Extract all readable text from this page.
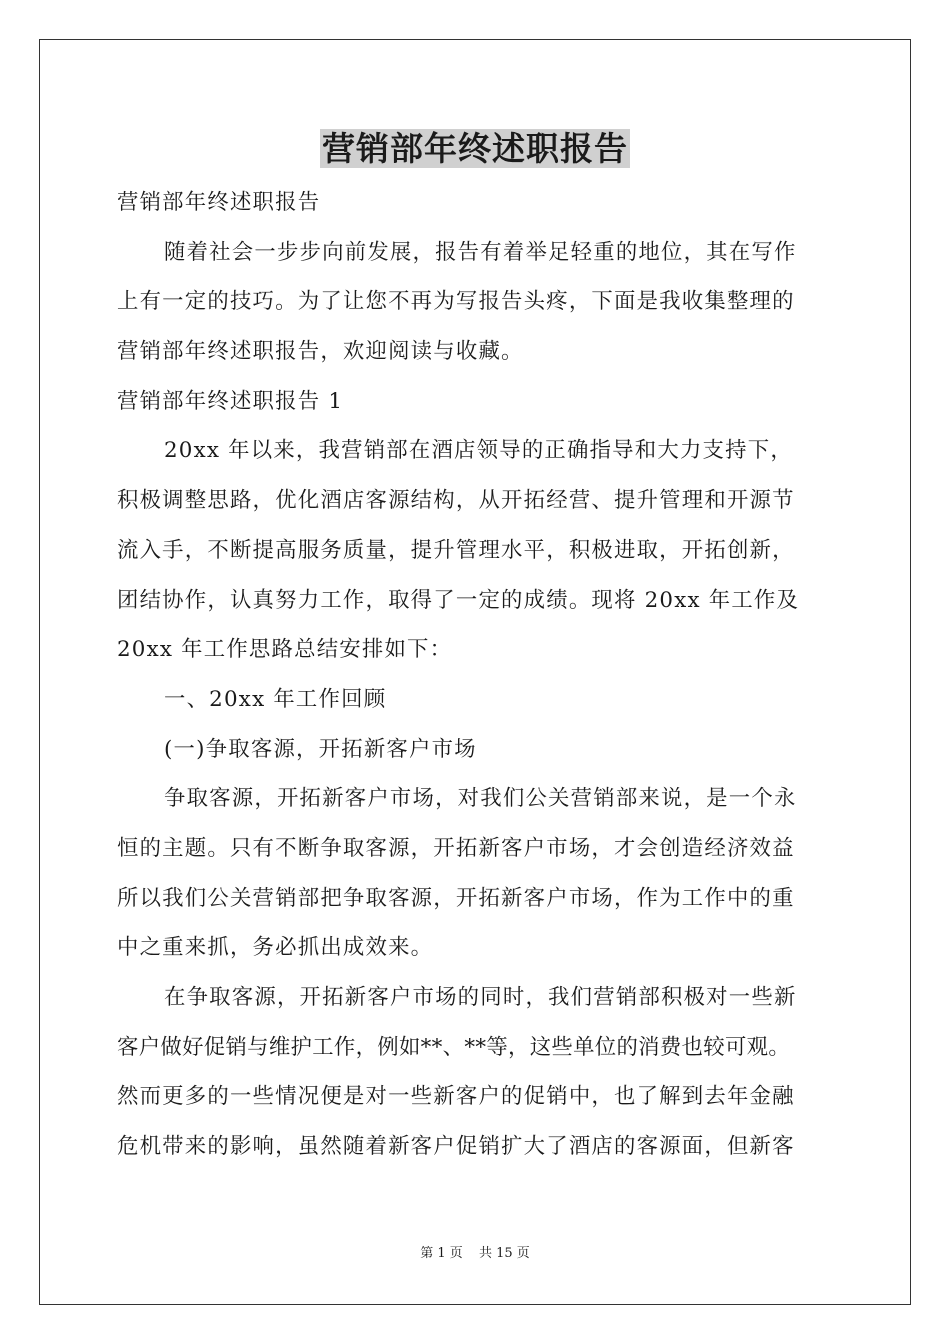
营销部年终述职报告
营销部年终述职报告
随着社会一步步向前发展，报告有着举足轻重的地位，其在写作
上有一定的技巧。为了让您不再为写报告头疼，下面是我收集整理的
营销部年终述职报告，欢迎阅读与收藏。
营销部年终述职报告 1
20xx 年以来，我营销部在酒店领导的正确指导和大力支持下，
积极调整思路，优化酒店客源结构，从开拓经营、提升管理和开源节
流入手，不断提高服务质量，提升管理水平，积极进取，开拓创新，
团结协作，认真努力工作，取得了一定的成绩。现将 20xx 年工作及
20xx 年工作思路总结安排如下：
一、20xx 年工作回顾
(一)争取客源，开拓新客户市场
争取客源，开拓新客户市场，对我们公关营销部来说，是一个永
恒的主题。只有不断争取客源，开拓新客户市场，才会创造经济效益
所以我们公关营销部把争取客源，开拓新客户市场，作为工作中的重
中之重来抓，务必抓出成效来。
在争取客源，开拓新客户市场的同时，我们营销部积极对一些新
客户做好促销与维护工作，例如**、**等，这些单位的消费也较可观。
然而更多的一些情况便是对一些新客户的促销中，也了解到去年金融
危机带来的影响，虽然随着新客户促销扩大了酒店的客源面，但新客
第 1 页 共 15 页
